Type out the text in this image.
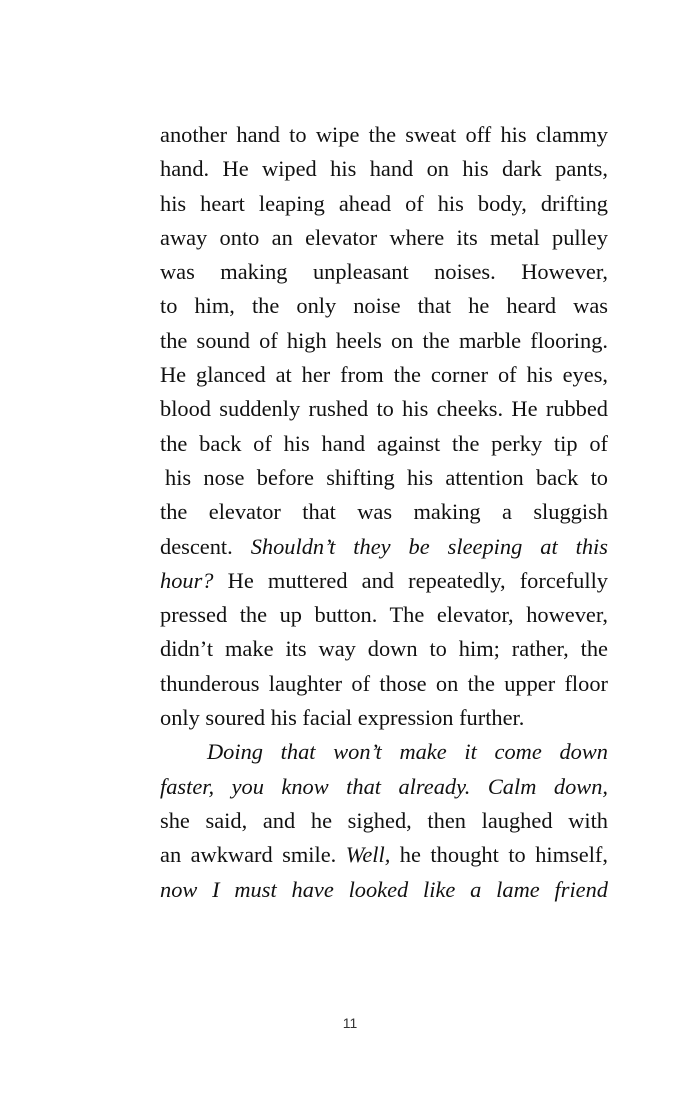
another hand to wipe the sweat off his clammy
hand. He wiped his hand on his dark pants,
his heart leaping ahead of his body, drifting
away onto an elevator where its metal pulley
was making unpleasant noises. However,
to him, the only noise that he heard was
the sound of high heels on the marble flooring.
He glanced at her from the corner of his eyes,
blood suddenly rushed to his cheeks. He rubbed
the back of his hand against the perky tip of
his nose before shifting his attention back to
the elevator that was making a sluggish
descent. Shouldn’t they be sleeping at this
hour? He muttered and repeatedly, forcefully
pressed the up button. The elevator, however,
didn’t make its way down to him; rather, the
thunderous laughter of those on the upper floor
only soured his facial expression further.
Doing that won’t make it come down
faster, you know that already. Calm down,
she said, and he sighed, then laughed with
an awkward smile. Well, he thought to himself,
now I must have looked like a lame friend
11
